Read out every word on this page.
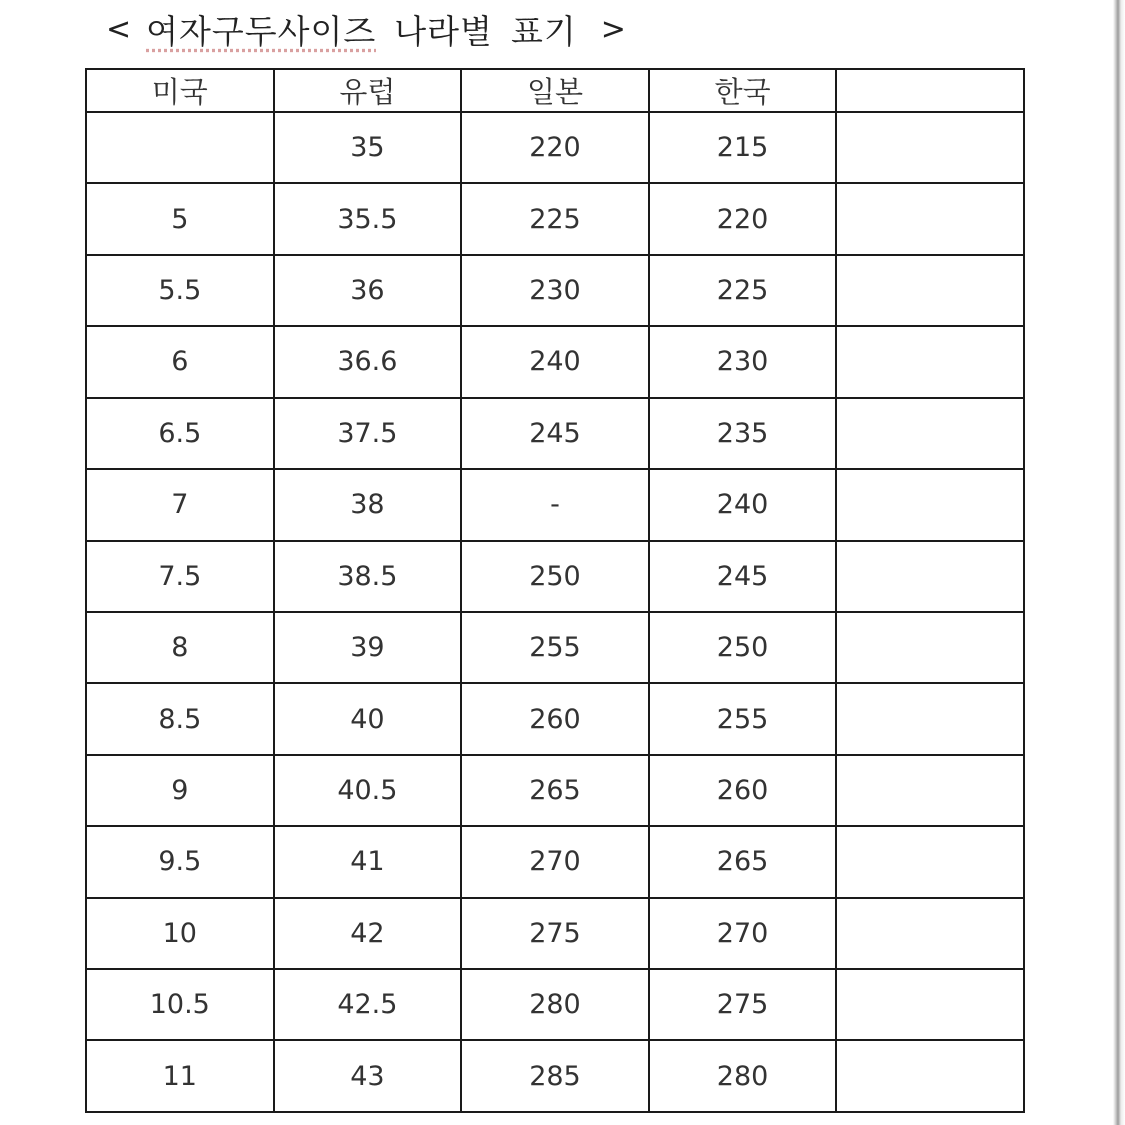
< 여자구두사이즈 나라별 표기 >
미국	유럽	일본	한국	
	35	220	215	
5	35.5	225	220	
5.5	36	230	225	
6	36.6	240	230	
6.5	37.5	245	235	
7	38	-	240	
7.5	38.5	250	245	
8	39	255	250	
8.5	40	260	255	
9	40.5	265	260	
9.5	41	270	265	
10	42	275	270	
10.5	42.5	280	275	
11	43	285	280	
